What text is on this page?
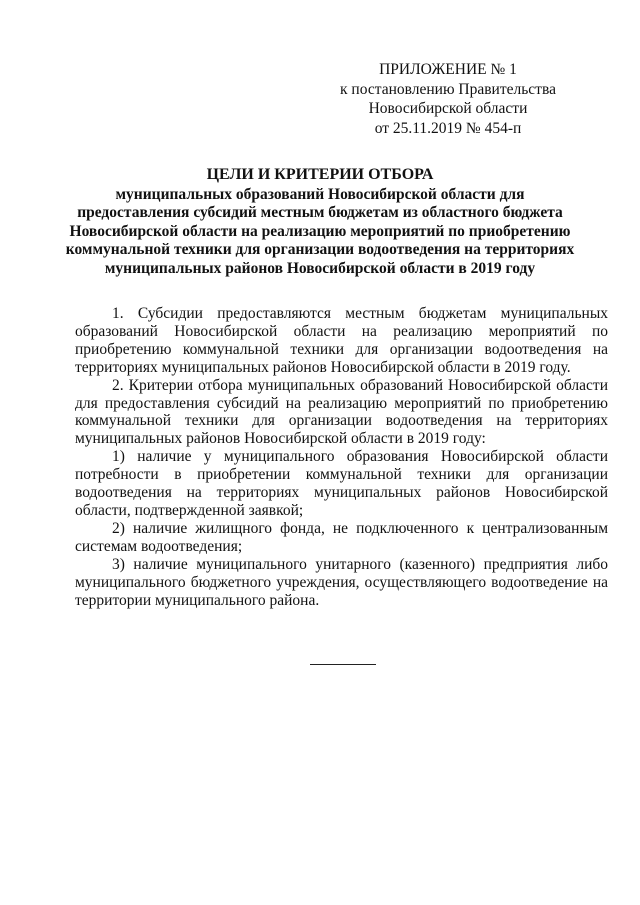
ПРИЛОЖЕНИЕ № 1
к постановлению Правительства
Новосибирской области
от 25.11.2019 № 454-п
ЦЕЛИ И КРИТЕРИИ ОТБОРА
муниципальных образований Новосибирской области для предоставления субсидий местным бюджетам из областного бюджета Новосибирской области на реализацию мероприятий по приобретению коммунальной техники для организации водоотведения на территориях муниципальных районов Новосибирской области в 2019 году

1. Субсидии предоставляются местным бюджетам муниципальных образований Новосибирской области на реализацию мероприятий по приобретению коммунальной техники для организации водоотведения на территориях муниципальных районов Новосибирской области в 2019 году.

2. Критерии отбора муниципальных образований Новосибирской области для предоставления субсидий на реализацию мероприятий по приобретению коммунальной техники для организации водоотведения на территориях муниципальных районов Новосибирской области в 2019 году:

1) наличие у муниципального образования Новосибирской области потребности в приобретении коммунальной техники для организации водоотведения на территориях муниципальных районов Новосибирской области, подтвержденной заявкой;

2) наличие жилищного фонда, не подключенного к централизованным системам водоотведения;

3) наличие муниципального унитарного (казенного) предприятия либо муниципального бюджетного учреждения, осуществляющего водоотведение на территории муниципального района.
